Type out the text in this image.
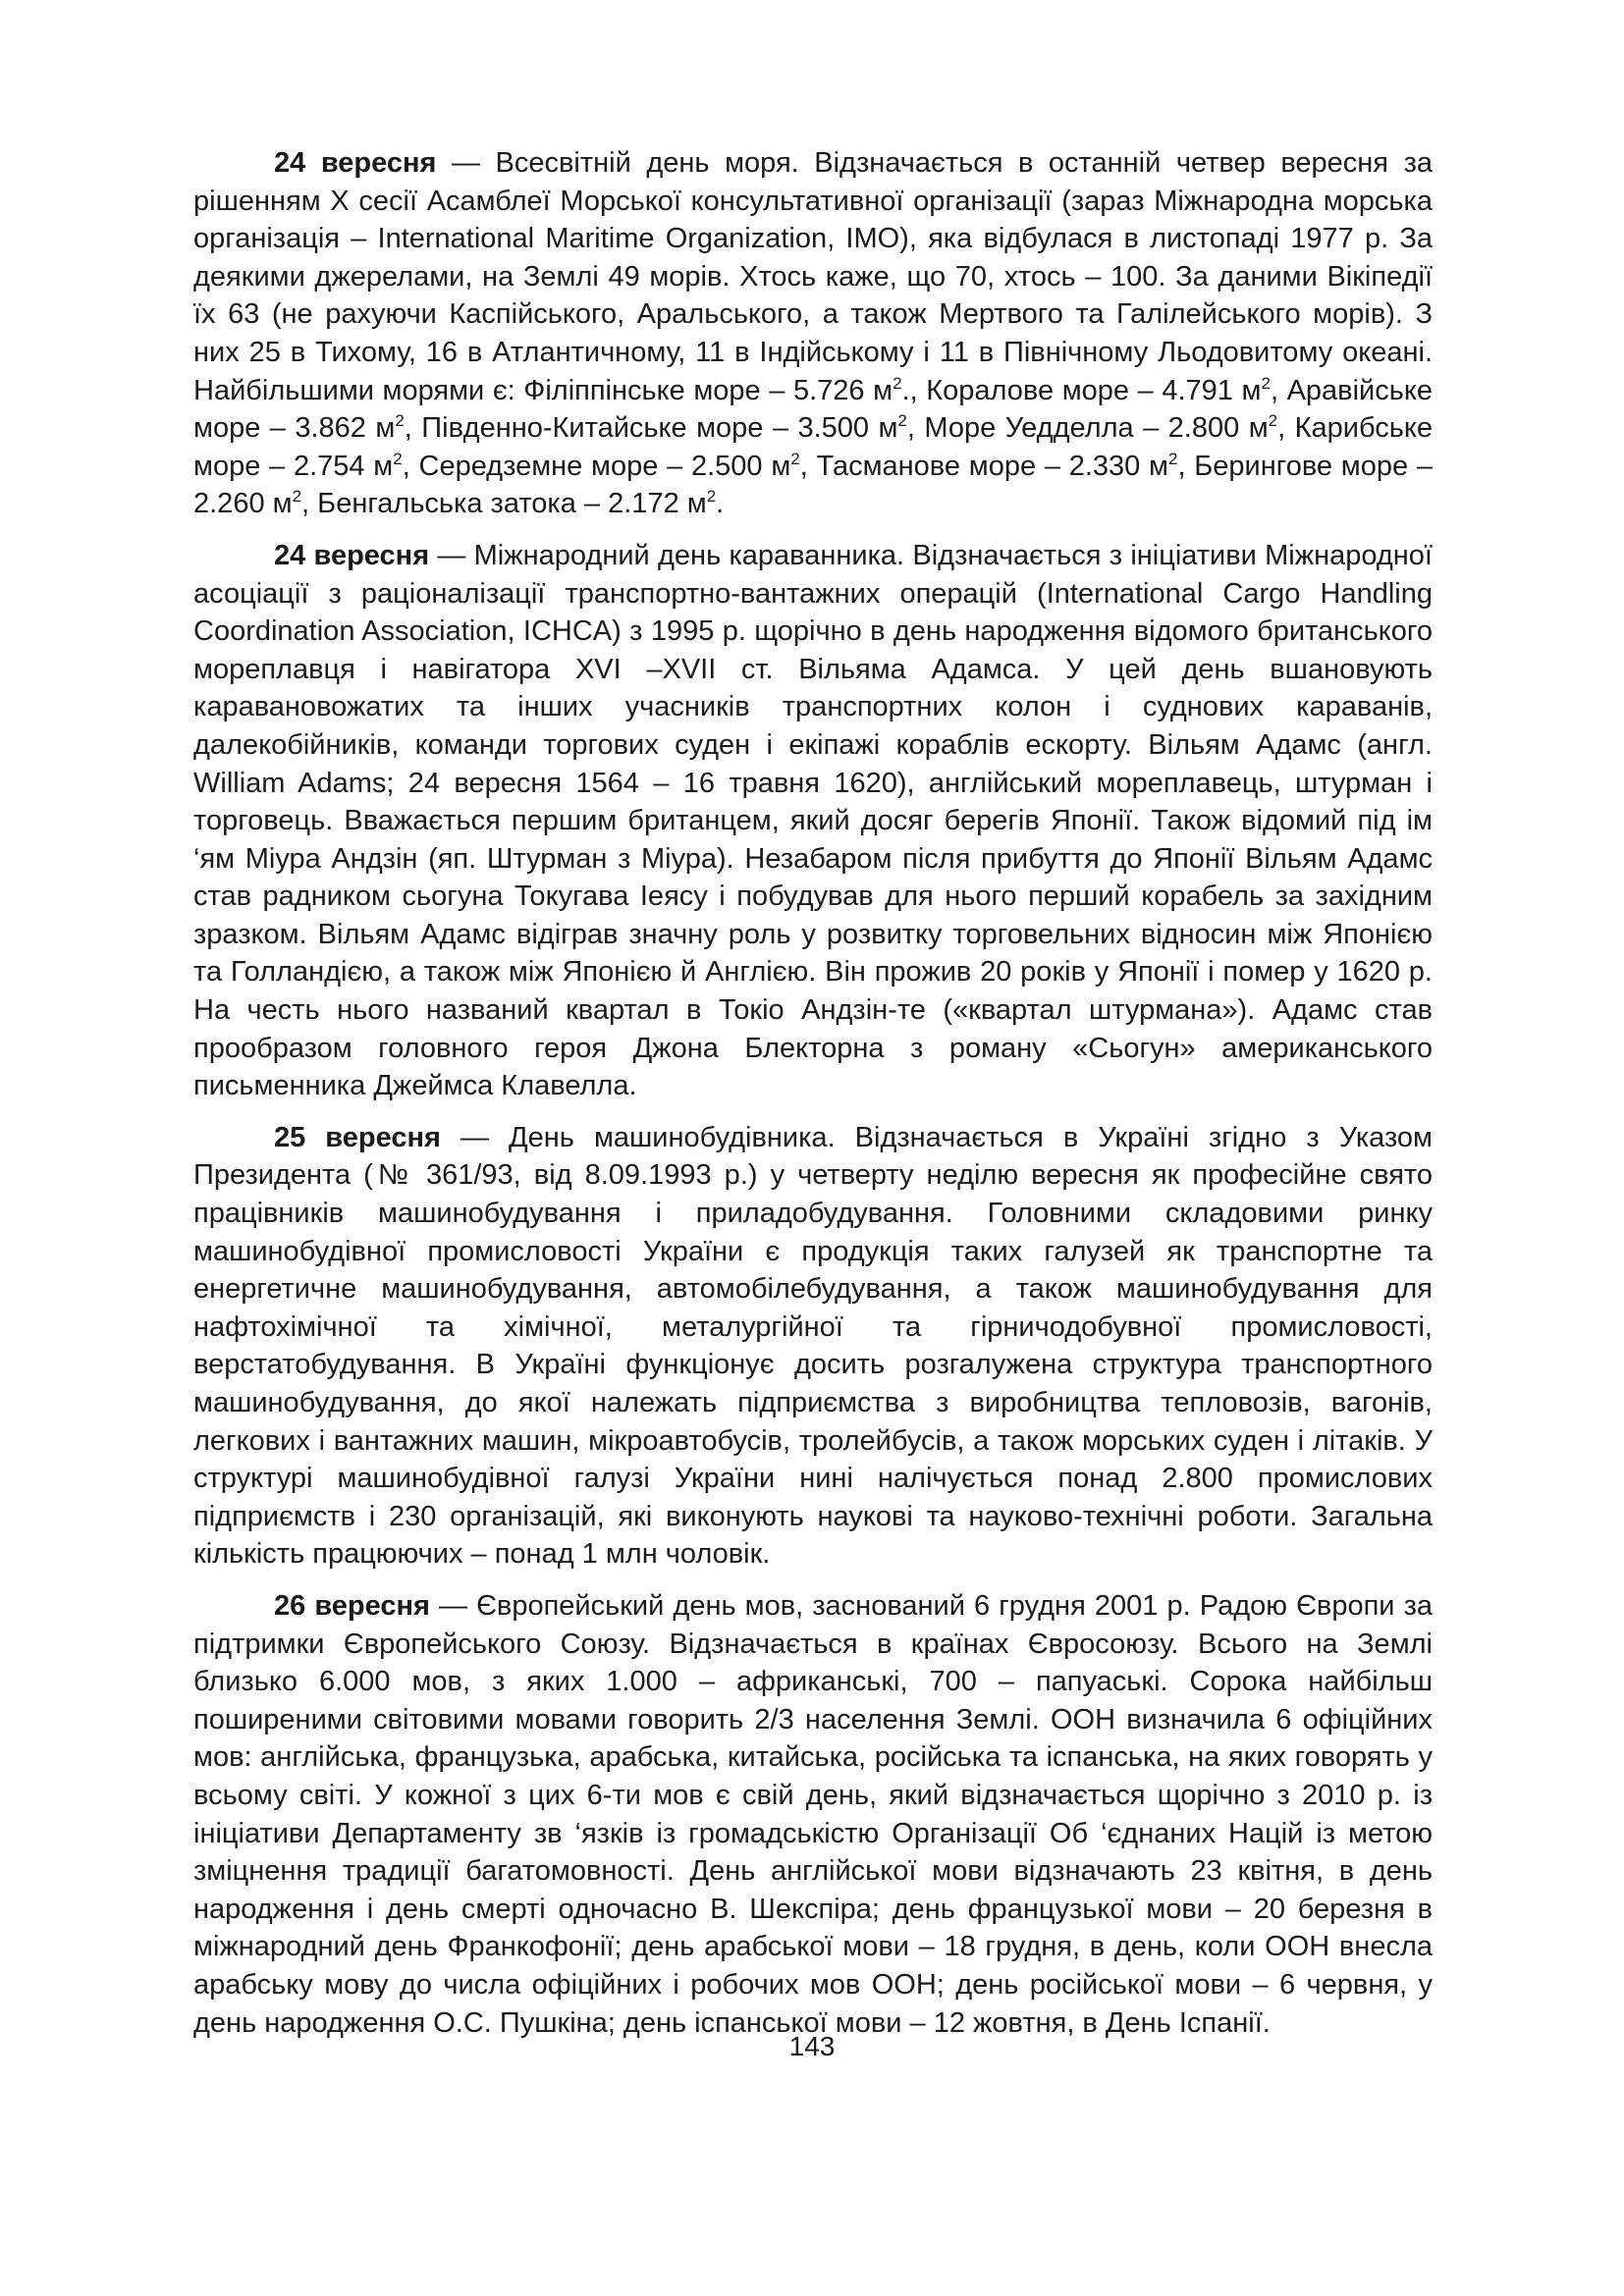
24 вересня — Всесвітній день моря. Відзначається в останній четвер вересня за рішенням Х сесії Асамблеї Морської консультативної організації (зараз Міжнародна морська організація – International Maritime Organization, IMO), яка відбулася в листопаді 1977 р. За деякими джерелами, на Землі 49 морів. Хтось каже, що 70, хтось – 100. За даними Вікіпедії їх 63 (не рахуючи Каспійського, Аральського, а також Мертвого та Галілейського морів). З них 25 в Тихому, 16 в Атлантичному, 11 в Індійському і 11 в Північному Льодовитому океані. Найбільшими морями є: Філіппінське море – 5.726 $м^2$., Коралове море – 4.791 $м^2$, Аравійське море – 3.862 $м^2$, Південно-Китайське море – 3.500 $м^2$, Море Уедделла – 2.800 $м^2$, Карибське море – 2.754 $м^2$, Середземне море – 2.500 $м^2$, Тасманове море – 2.330 $м^2$, Берингове море – 2.260 $м^2$, Бенгальська затока – 2.172 $м^2$.

24 вересня — Міжнародний день караванника. Відзначається з ініціативи Міжнародної асоціації з раціоналізації транспортно-вантажних операцій (International Cargo Handling Coordination Association, ICHCA) з 1995 р. щорічно в день народження відомого британського мореплавця і навігатора XVI –XVII ст. Вільяма Адамса. У цей день вшановують каравановожатих та інших учасників транспортних колон і суднових караванів, далекобійників, команди торгових суден і екіпажі кораблів ескорту. Вільям Адамс (англ. William Adams; 24 вересня 1564 – 16 травня 1620), англійський мореплавець, штурман і торговець. Вважається першим британцем, який досяг берегів Японії. Також відомий під ім ‘ям Міура Андзін (яп. Штурман з Міура). Незабаром після прибуття до Японії Вільям Адамс став радником сьогуна Токугава Іеясу і побудував для нього перший корабель за західним зразком. Вільям Адамс відіграв значну роль у розвитку торговельних відносин між Японією та Голландією, а також між Японією й Англією. Він прожив 20 років у Японії і помер у 1620 р. На честь нього названий квартал в Токіо Андзін-те («квартал штурмана»). Адамс став прообразом головного героя Джона Блекторна з роману «Сьогун» американського письменника Джеймса Клавелла.

25 вересня — День машинобудівника. Відзначається в Україні згідно з Указом Президента (№ 361/93, від 8.09.1993 р.) у четверту неділю вересня як професійне свято працівників машинобудування і приладобудування. Головними складовими ринку машинобудівної промисловості України є продукція таких галузей як транспортне та енергетичне машинобудування, автомобілебудування, а також машинобудування для нафтохімічної та хімічної, металургійної та гірничодобувної промисловості, верстатобудування. В Україні функціонує досить розгалужена структура транспортного машинобудування, до якої належать підприємства з виробництва тепловозів, вагонів, легкових і вантажних машин, мікроавтобусів, тролейбусів, а також морських суден і літаків. У структурі машинобудівної галузі України нині налічується понад 2.800 промислових підприємств і 230 організацій, які виконують наукові та науково-технічні роботи. Загальна кількість працюючих – понад 1 млн чоловік.

26 вересня — Європейський день мов, заснований 6 грудня 2001 р. Радою Європи за підтримки Європейського Союзу. Відзначається в країнах Євросоюзу. Всього на Землі близько 6.000 мов, з яких 1.000 – африканські, 700 – папуаські. Сорока найбільш поширеними світовими мовами говорить 2/3 населення Землі. ООН визначила 6 офіційних мов: англійська, французька, арабська, китайська, російська та іспанська, на яких говорять у всьому світі. У кожної з цих 6-ти мов є свій день, який відзначається щорічно з 2010 р. із ініціативи Департаменту зв ‘язків із громадськістю Організації Об ‘єднаних Націй із метою зміцнення традиції багатомовності. День англійської мови відзначають 23 квітня, в день народження і день смерті одночасно В. Шекспіра; день французької мови – 20 березня в міжнародний день Франкофонії; день арабської мови – 18 грудня, в день, коли ООН внесла арабську мову до числа офіційних і робочих мов ООН; день російської мови – 6 червня, у день народження О.С. Пушкіна; день іспанської мови – 12 жовтня, в День Іспанії.

143
